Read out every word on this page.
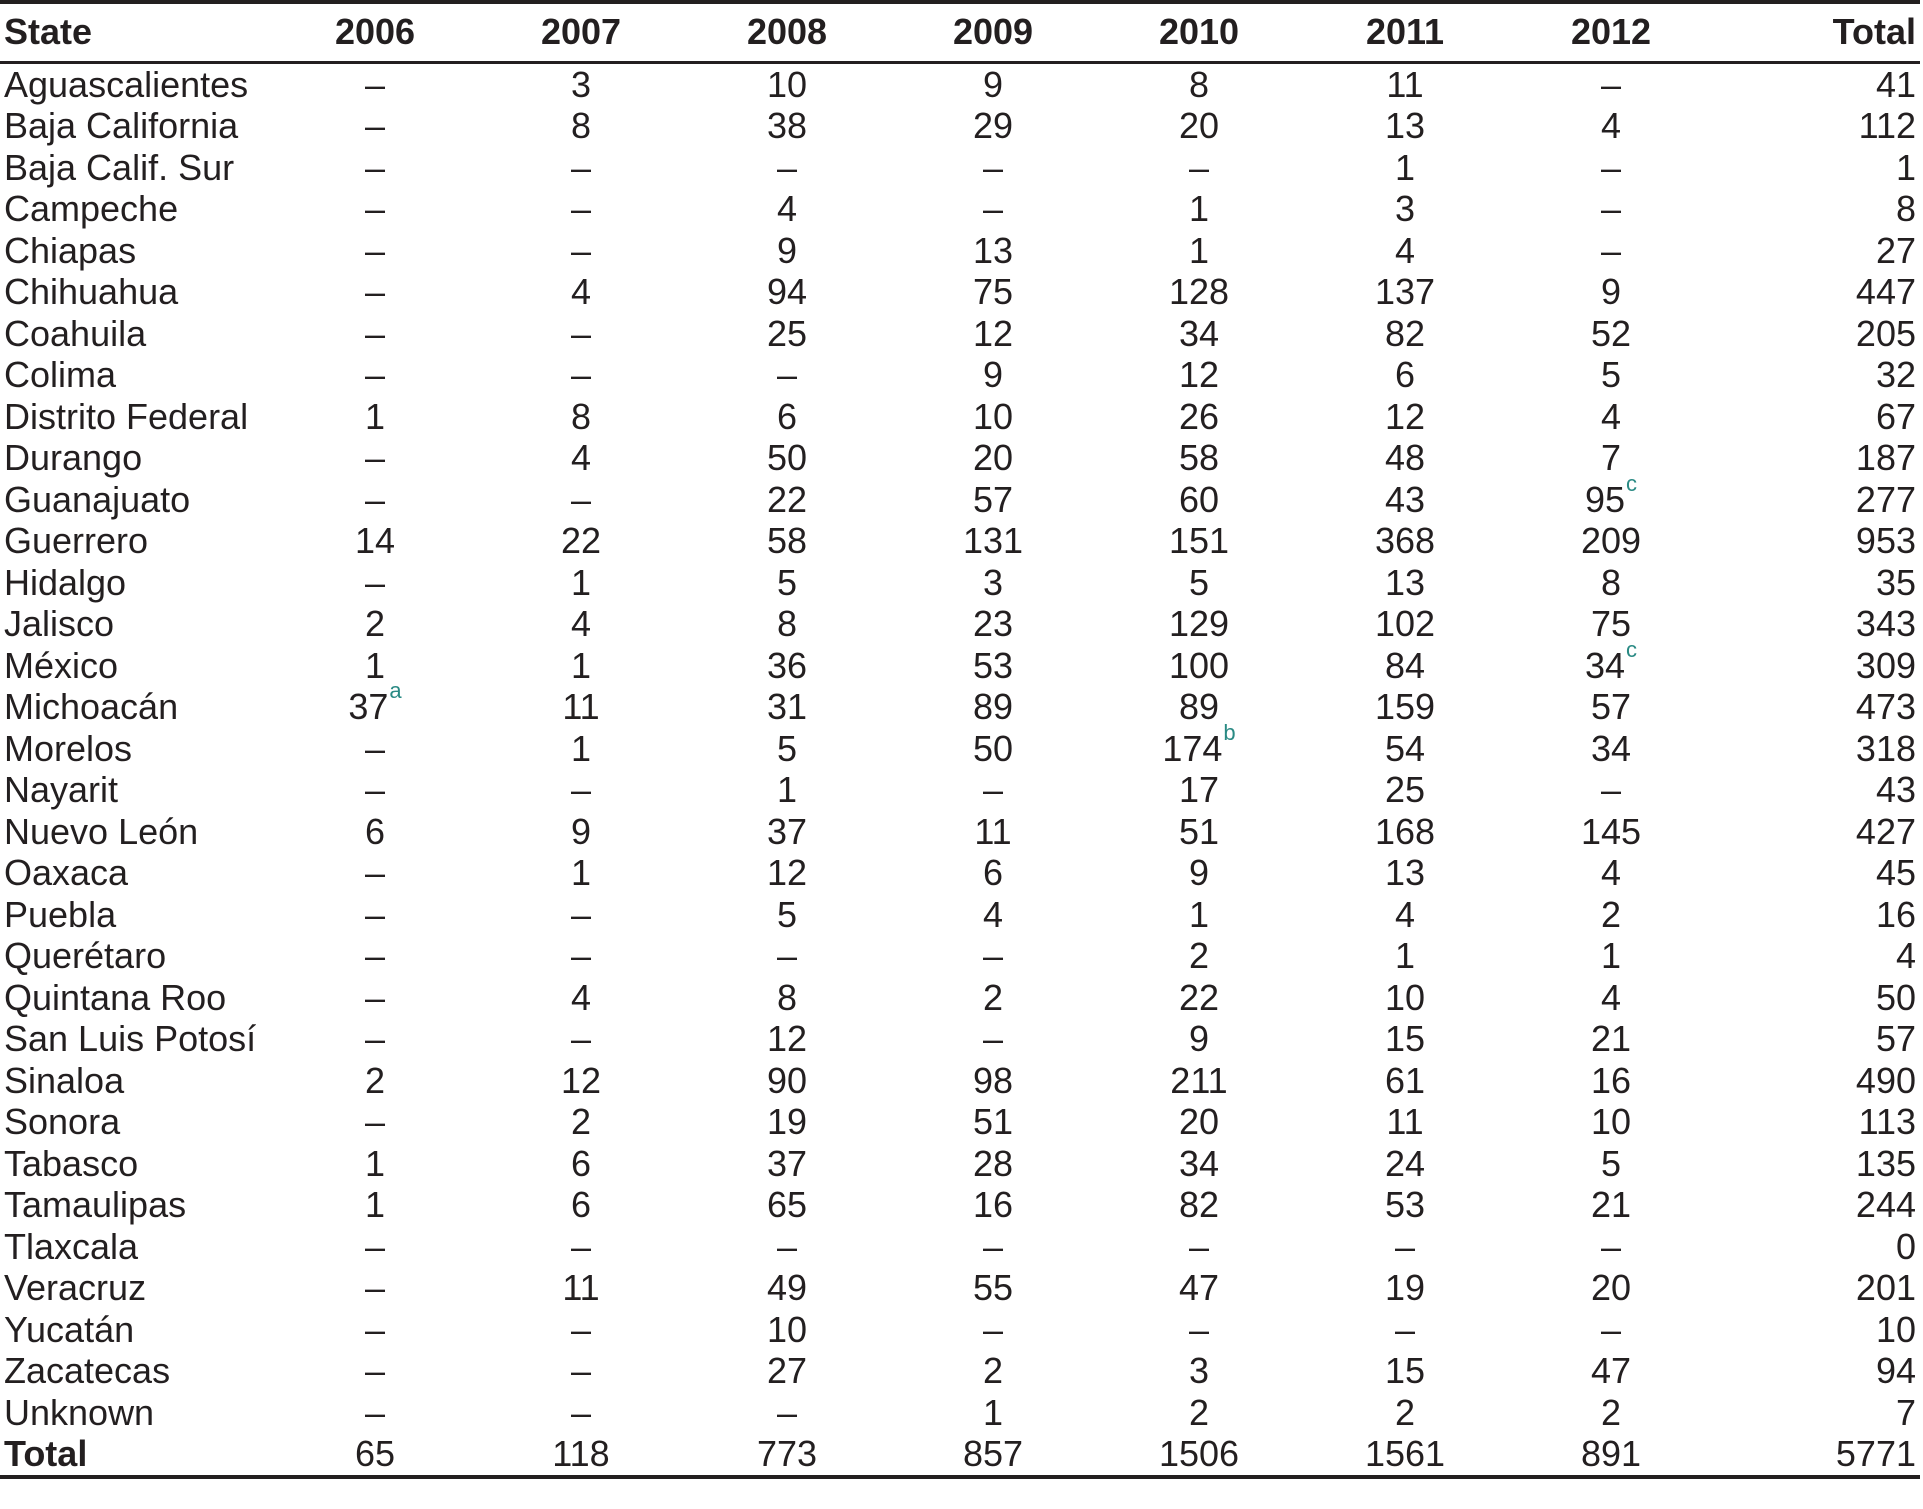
State	2006	2007	2008	2009	2010	2011	2012	Total
Aguascalientes	–	3	10	9	8	11	–	41
Baja California	–	8	38	29	20	13	4	112
Baja Calif. Sur	–	–	–	–	–	1	–	1
Campeche	–	–	4	–	1	3	–	8
Chiapas	–	–	9	13	1	4	–	27
Chihuahua	–	4	94	75	128	137	9	447
Coahuila	–	–	25	12	34	82	52	205
Colima	–	–	–	9	12	6	5	32
Distrito Federal	1	8	6	10	26	12	4	67
Durango	–	4	50	20	58	48	7	187
Guanajuato	–	–	22	57	60	43	95$^c$	277
Guerrero	14	22	58	131	151	368	209	953
Hidalgo	–	1	5	3	5	13	8	35
Jalisco	2	4	8	23	129	102	75	343
México	1	1	36	53	100	84	34$^c$	309
Michoacán	37$^a$	11	31	89	89	159	57	473
Morelos	–	1	5	50	174$^b$	54	34	318
Nayarit	–	–	1	–	17	25	–	43
Nuevo León	6	9	37	11	51	168	145	427
Oaxaca	–	1	12	6	9	13	4	45
Puebla	–	–	5	4	1	4	2	16
Querétaro	–	–	–	–	2	1	1	4
Quintana Roo	–	4	8	2	22	10	4	50
San Luis Potosí	–	–	12	–	9	15	21	57
Sinaloa	2	12	90	98	211	61	16	490
Sonora	–	2	19	51	20	11	10	113
Tabasco	1	6	37	28	34	24	5	135
Tamaulipas	1	6	65	16	82	53	21	244
Tlaxcala	–	–	–	–	–	–	–	0
Veracruz	–	11	49	55	47	19	20	201
Yucatán	–	–	10	–	–	–	–	10
Zacatecas	–	–	27	2	3	15	47	94
Unknown	–	–	–	1	2	2	2	7
Total	65	118	773	857	1506	1561	891	5771
